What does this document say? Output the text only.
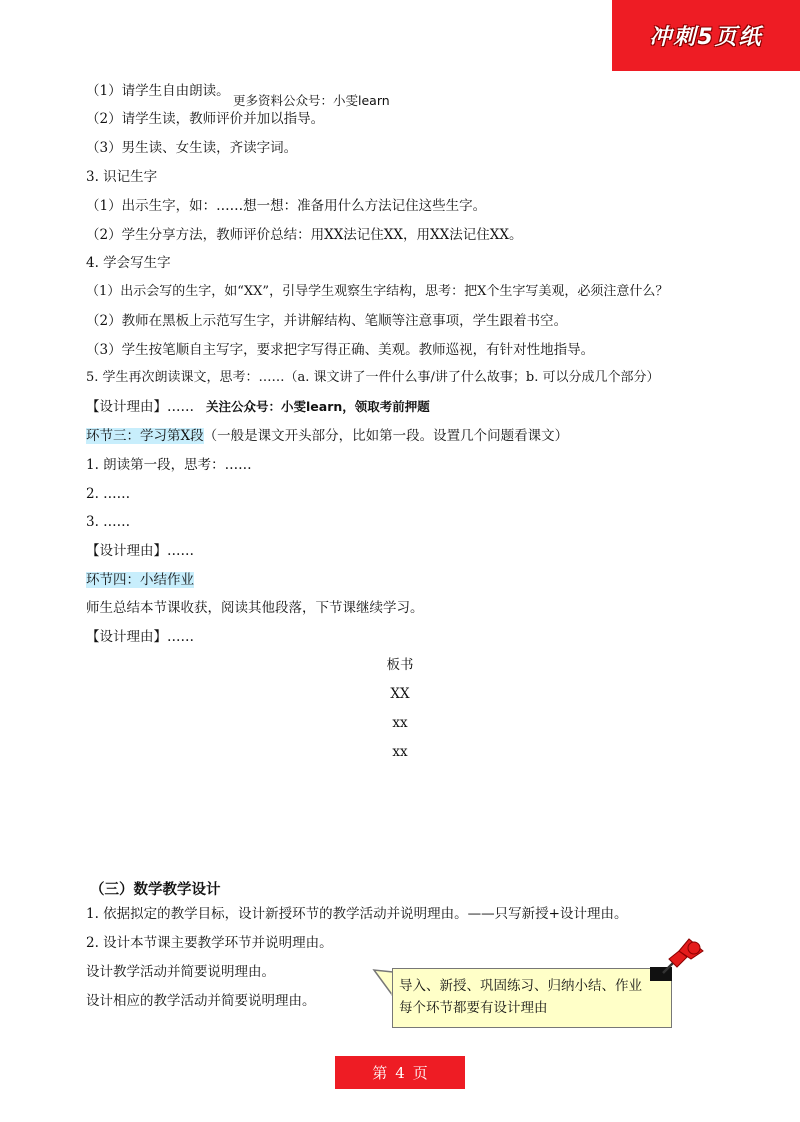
冲刺5页纸
（1）请学生自由朗读。
更多资料公众号：小雯learn
（2）请学生读，教师评价并加以指导。
（3）男生读、女生读，齐读字词。
3. 识记生字
（1）出示生字，如：……想一想：准备用什么方法记住这些生字。
（2）学生分享方法，教师评价总结：用XX法记住XX，用XX法记住XX。
4. 学会写生字
（1）出示会写的生字，如“XX”，引导学生观察生字结构，思考：把X个生字写美观，必须注意什么？
（2）教师在黑板上示范写生字，并讲解结构、笔顺等注意事项，学生跟着书空。
（3）学生按笔顺自主写字，要求把字写得正确、美观。教师巡视，有针对性地指导。
5. 学生再次朗读课文，思考：……（a. 课文讲了一件什么事/讲了什么故事；b. 可以分成几个部分）
【设计理由】…… 关注公众号：小雯learn，领取考前押题
环节三：学习第X段（一般是课文开头部分，比如第一段。设置几个问题看课文）
1. 朗读第一段，思考：……
2. ……
3. ……
【设计理由】……
环节四：小结作业
师生总结本节课收获，阅读其他段落，下节课继续学习。
【设计理由】……
板书
XX
xx
xx
（三）数学教学设计
1. 依据拟定的教学目标，设计新授环节的教学活动并说明理由。——只写新授+设计理由。
2. 设计本节课主要教学环节并说明理由。
设计教学活动并简要说明理由。
设计相应的教学活动并简要说明理由。
导入、新授、巩固练习、归纳小结、作业
每个环节都要有设计理由
第 4 页
